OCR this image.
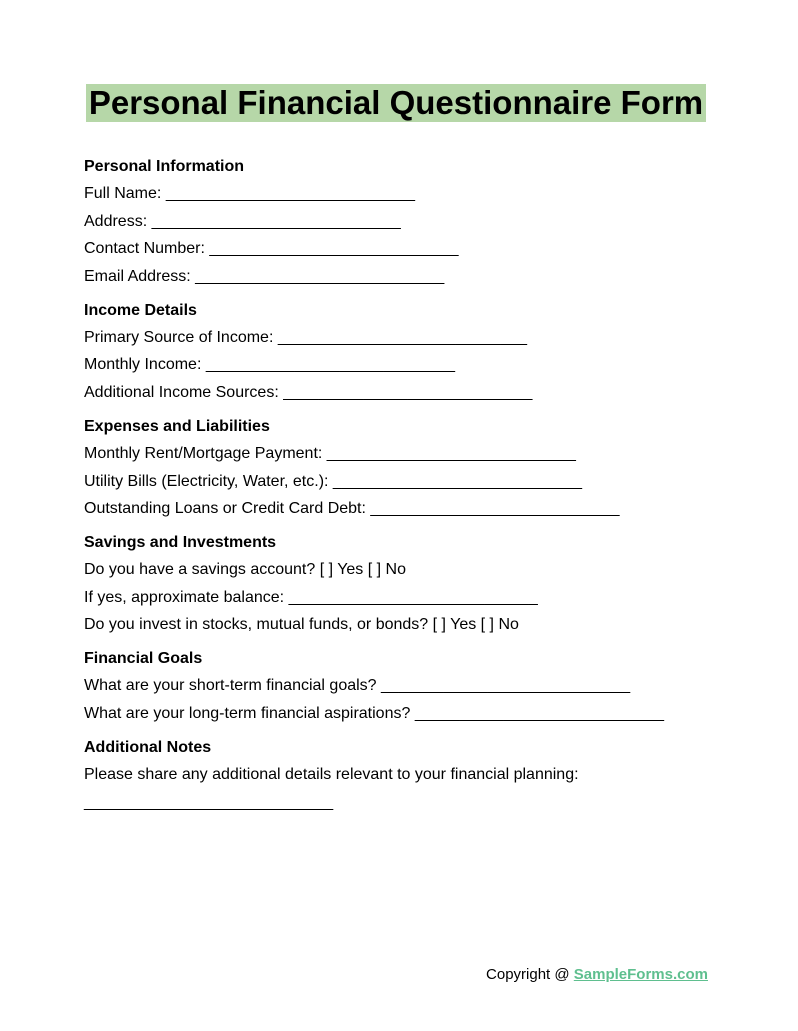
Personal Financial Questionnaire Form
Personal Information
Full Name: ____________________________
Address: ____________________________
Contact Number: ____________________________
Email Address: ____________________________
Income Details
Primary Source of Income: ____________________________
Monthly Income: ____________________________
Additional Income Sources: ____________________________
Expenses and Liabilities
Monthly Rent/Mortgage Payment: ____________________________
Utility Bills (Electricity, Water, etc.): ____________________________
Outstanding Loans or Credit Card Debt: ____________________________
Savings and Investments
Do you have a savings account? [ ] Yes [ ] No
If yes, approximate balance: ____________________________
Do you invest in stocks, mutual funds, or bonds? [ ] Yes [ ] No
Financial Goals
What are your short-term financial goals? ____________________________
What are your long-term financial aspirations? ____________________________
Additional Notes
Please share any additional details relevant to your financial planning:
____________________________
Copyright @ SampleForms.com
